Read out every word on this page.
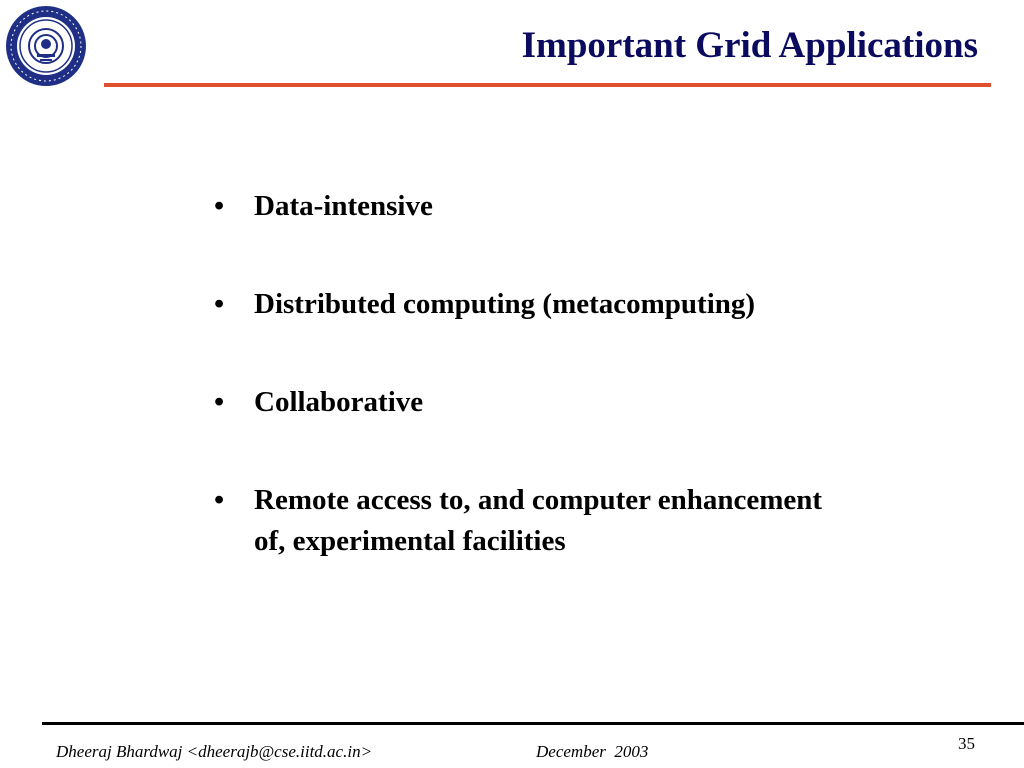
Important Grid Applications
•	Data-intensive
•	Distributed computing (metacomputing)
•	Collaborative
•	Remote access to, and computer enhancement of, experimental facilities
Dheeraj Bhardwaj <dheerajb@cse.iitd.ac.in>	December  2003	35
